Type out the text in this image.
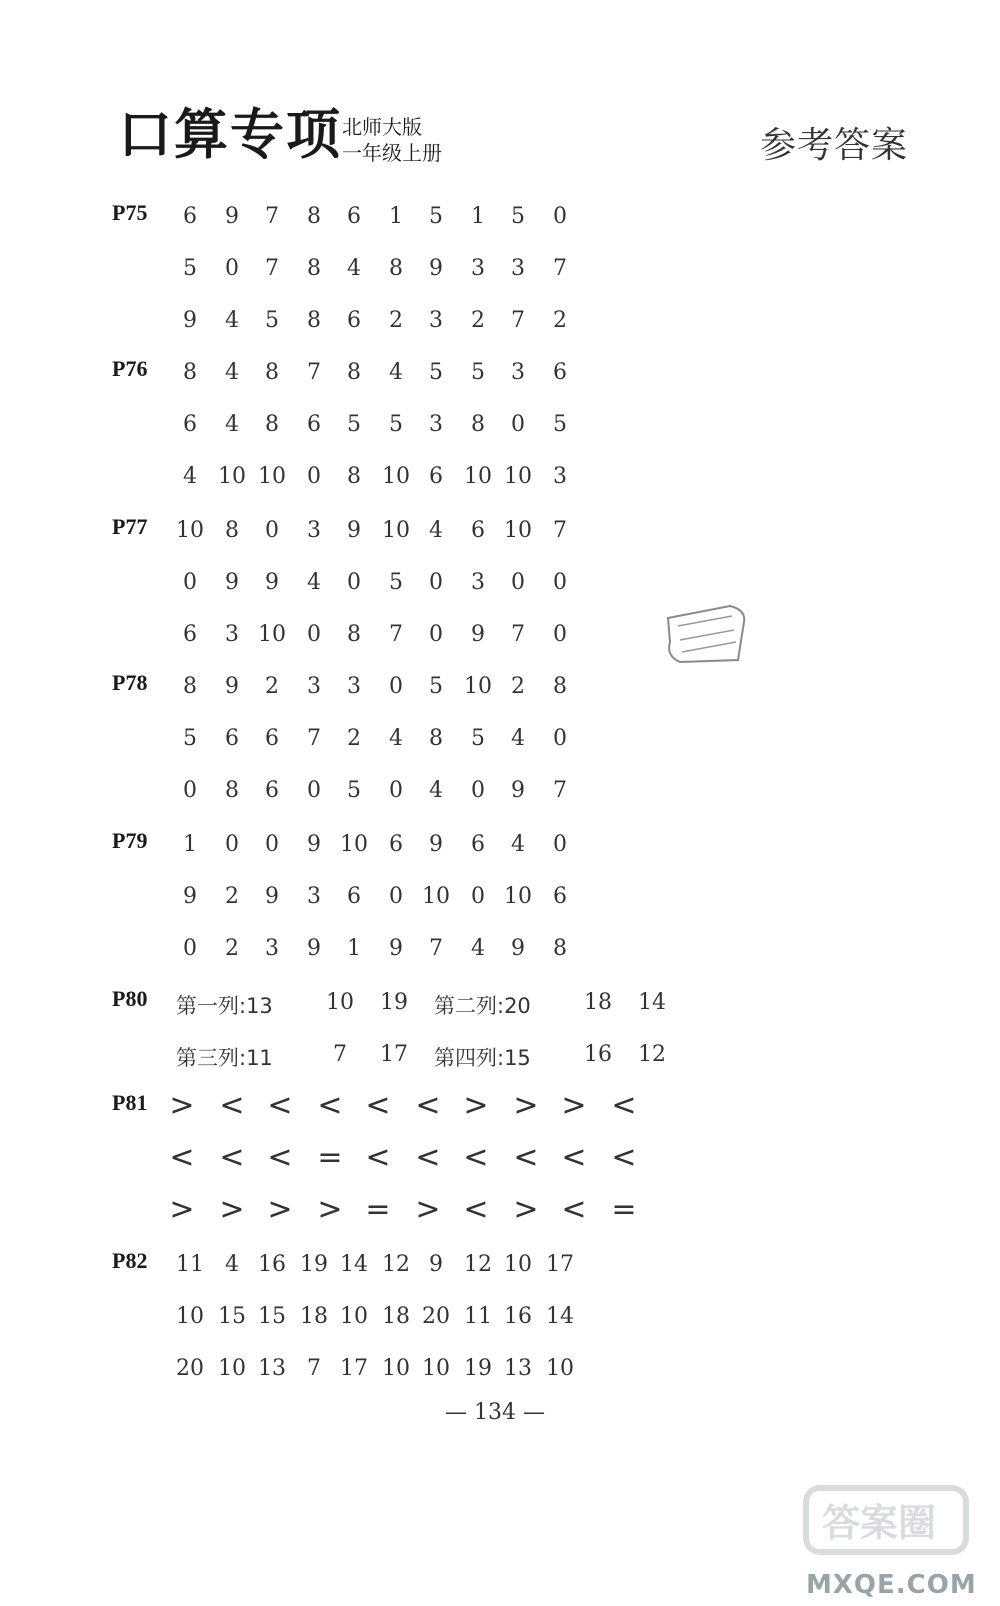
口算专项 北师大版
一年级上册	参考答案
P75	6	9	7	8	6	1	5	1	5	0
5	0	7	8	4	8	9	3	3	7
9	4	5	8	6	2	3	2	7	2
P76	8	4	8	7	8	4	5	5	3	6
6	4	8	6	5	5	3	8	0	5
4 10 10 0	8 10 6 10 10 3
P77 10 8	0	3	9 10 4	6 10 7
0	9	9	4	0	5	0	3	0	0
6	3 10 0	8	7	0	9	7	0
P78	8	9	2	3	3	0	5 10 2	8
5	6	6	7	2	4	8	5	4	0
0	8	6	0	5	0	4	0	9	7
P79	1	0	0	9 10 6	9	6	4	0
9	2	9	3	6	0 10 0 10 6
0	2	3	9	1	9	7	4	9	8
P80 第一列:13	10 19 第二列:20	18 14
第三列:11	7	17 第四列:15	16 12
P81 > < < < < < > > > <
< < < = < < < < < <
> > > > = > < > < =
P82 11 4 16 19 14 12 9 12 10 17
10 15 15 18 10 18 20 11 16 14
20 10 13 7 17 10 10 19 13 10
— 134 —
答案圈
MXQE.COM
